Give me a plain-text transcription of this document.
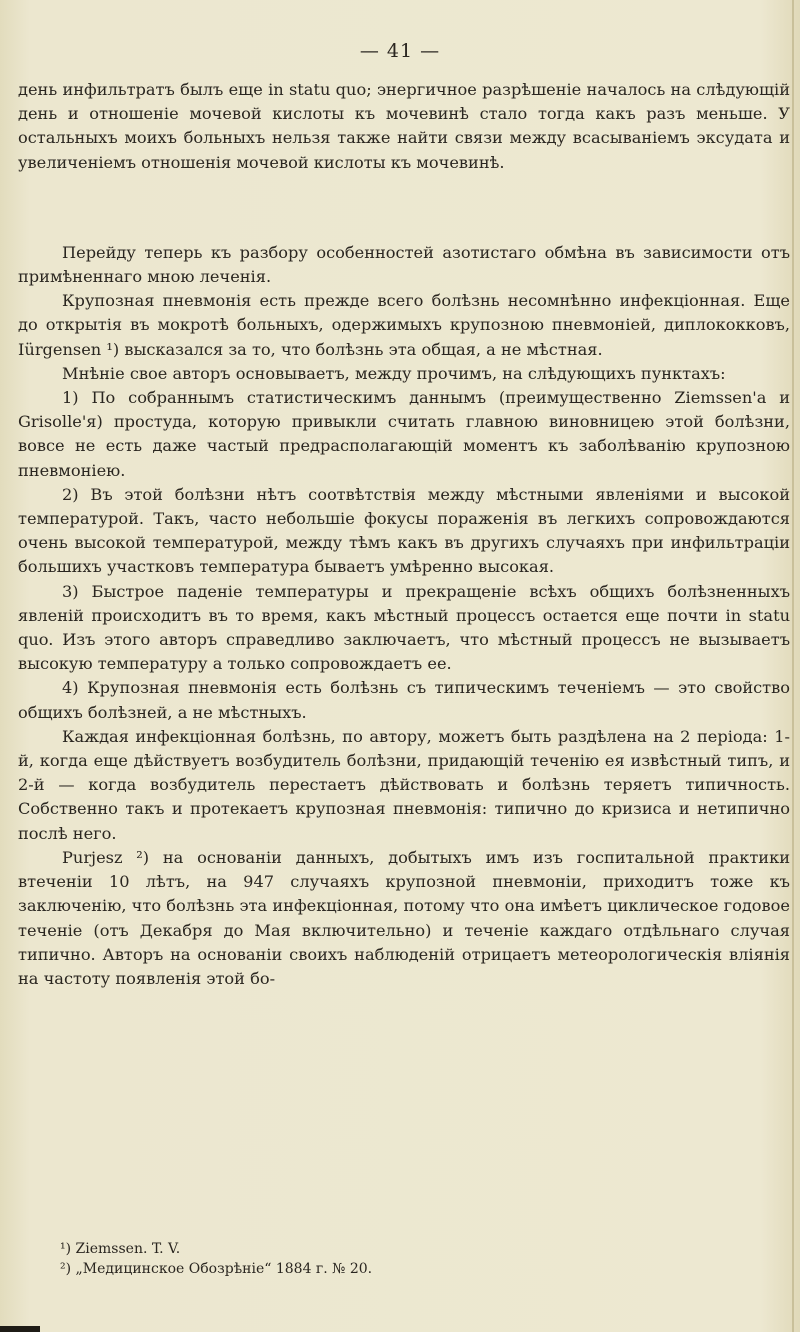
— 41 —

день инфильтратъ былъ еще in statu quo; энергичное разрѣшеніе началось на слѣдующій день и отношеніе мочевой кислоты къ мочевинѣ стало тогда какъ разъ меньше. У остальныхъ моихъ больныхъ нельзя также найти связи между всасываніемъ эксудата и увеличеніемъ отношенія мочевой кислоты къ мочевинѣ.

Перейду теперь къ разбору особенностей азотистаго обмѣна въ зависимости отъ примѣненнаго мною леченія.

Крупозная пневмонія есть прежде всего болѣзнь несомнѣнно инфекціонная. Еще до открытія въ мокротѣ больныхъ, одержимыхъ крупозною пневмоніей, диплококковъ, Iürgensen ¹) высказался за то, что болѣзнь эта общая, а не мѣстная.

Мнѣніе свое авторъ основываетъ, между прочимъ, на слѣдующихъ пунктахъ:

1) По собраннымъ статистическимъ даннымъ (преимущественно Ziemssen'а и Grisolle'я) простуда, которую привыкли считать главною виновницею этой болѣзни, вовсе не есть даже частый предрасполагающій моментъ къ заболѣванію крупозною пневмоніею.

2) Въ этой болѣзни нѣтъ соотвѣтствія между мѣстными явленіями и высокой температурой. Такъ, часто небольшіе фокусы пораженія въ легкихъ сопровождаются очень высокой температурой, между тѣмъ какъ въ другихъ случаяхъ при инфильтраціи большихъ участковъ температура бываетъ умѣренно высокая.

3) Быстрое паденіе температуры и прекращеніе всѣхъ общихъ болѣзненныхъ явленій происходитъ въ то время, какъ мѣстный процессъ остается еще почти in statu quo. Изъ этого авторъ справедливо заключаетъ, что мѣстный процессъ не вызываетъ высокую температуру а только сопровождаетъ ее.

4) Крупозная пневмонія есть болѣзнь съ типическимъ теченіемъ — это свойство общихъ болѣзней, а не мѣстныхъ.

Каждая инфекціонная болѣзнь, по автору, можетъ быть раздѣлена на 2 періода: 1-й, когда еще дѣйствуетъ возбудитель болѣзни, придающій теченію ея извѣстный типъ, и 2-й — когда возбудитель перестаетъ дѣйствовать и болѣзнь теряетъ типичность. Собственно такъ и протекаетъ крупозная пневмонія: типично до кризиса и нетипично послѣ него.

Purjesz ²) на основаніи данныхъ, добытыхъ имъ изъ госпитальной практики втеченіи 10 лѣтъ, на 947 случаяхъ крупозной пневмоніи, приходитъ тоже къ заключенію, что болѣзнь эта инфекціонная, потому что она имѣетъ циклическое годовое теченіе (отъ Декабря до Мая включительно) и теченіе каждаго отдѣльнаго случая типично. Авторъ на основаніи своихъ наблюденій отрицаетъ метеорологическія вліянія на частоту появленія этой бо-

¹) Ziemssen. T. V.

²) „Медицинское Обозрѣніе“ 1884 г. № 20.
